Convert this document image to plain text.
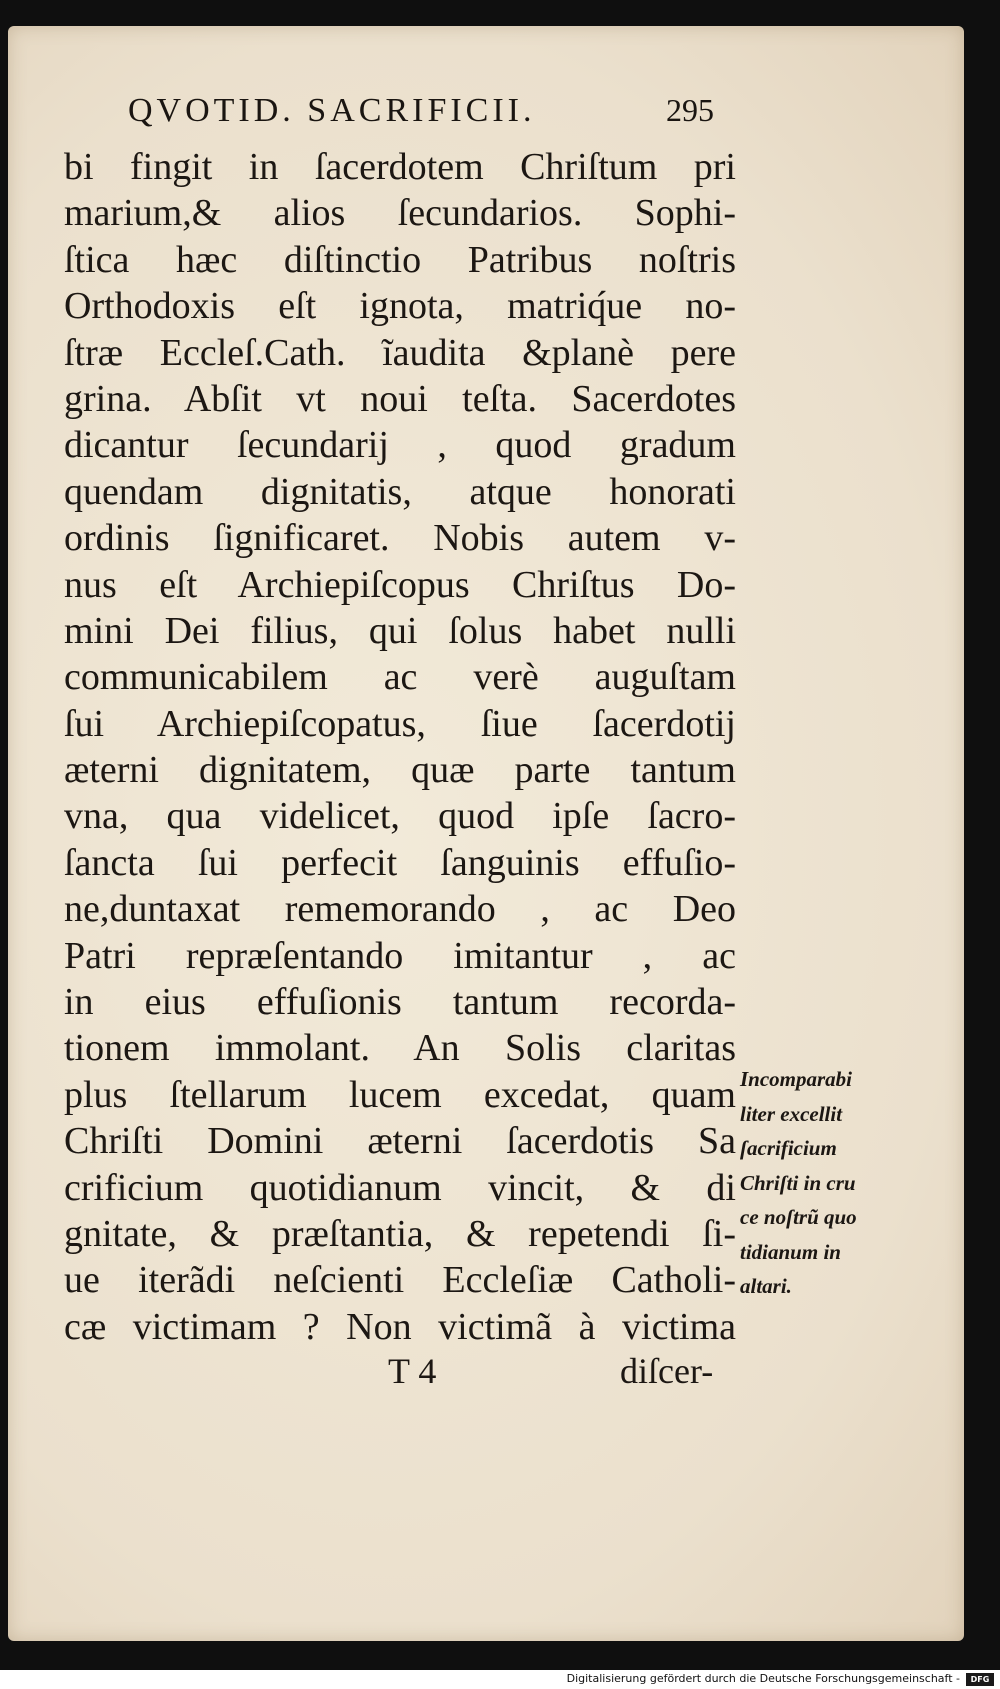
QVOTID. SACRIFICII.	295
bi fingit in ſacerdotem Chriſtum pri
marium,& alios ſecundarios. Sophi-
ſtica hæc diſtinctio Patribus noſtris
Orthodoxis eſt ignota, matriq́ue no-
ſtræ Eccleſ.Cath. ĩaudita &planè pere
grina. Abſit vt noui teſta. Sacerdotes
dicantur ſecundarij , quod gradum
quendam dignitatis, atque honorati
ordinis ſignificaret. Nobis autem v-
nus eſt Archiepiſcopus Chriſtus Do-
mini Dei filius, qui ſolus habet nulli
communicabilem ac verè auguſtam
ſui Archiepiſcopatus, ſiue ſacerdotij
æterni dignitatem, quæ parte tantum
vna, qua videlicet, quod ipſe ſacro-
ſancta ſui perfecit ſanguinis effuſio-
ne,duntaxat rememorando , ac Deo
Patri repræſentando imitantur , ac
in eius effuſionis tantum recorda-
tionem immolant. An Solis claritas
plus ſtellarum lucem excedat, quam
Chriſti Domini æterni ſacerdotis Sa
crificium quotidianum vincit, & di
gnitate, & præſtantia, & repetendi ſi-
ue iterãdi neſcienti Eccleſiæ Catholi-
cæ victimam ? Non victimã à victima
Incomparabi
liter excellit
ſacrificium
Chriſti in cru
ce noſtrũ quo
tidianum in
altari.
T 4	diſcer-
Digitalisierung gefördert durch die Deutsche Forschungsgemeinschaft -	DFG
